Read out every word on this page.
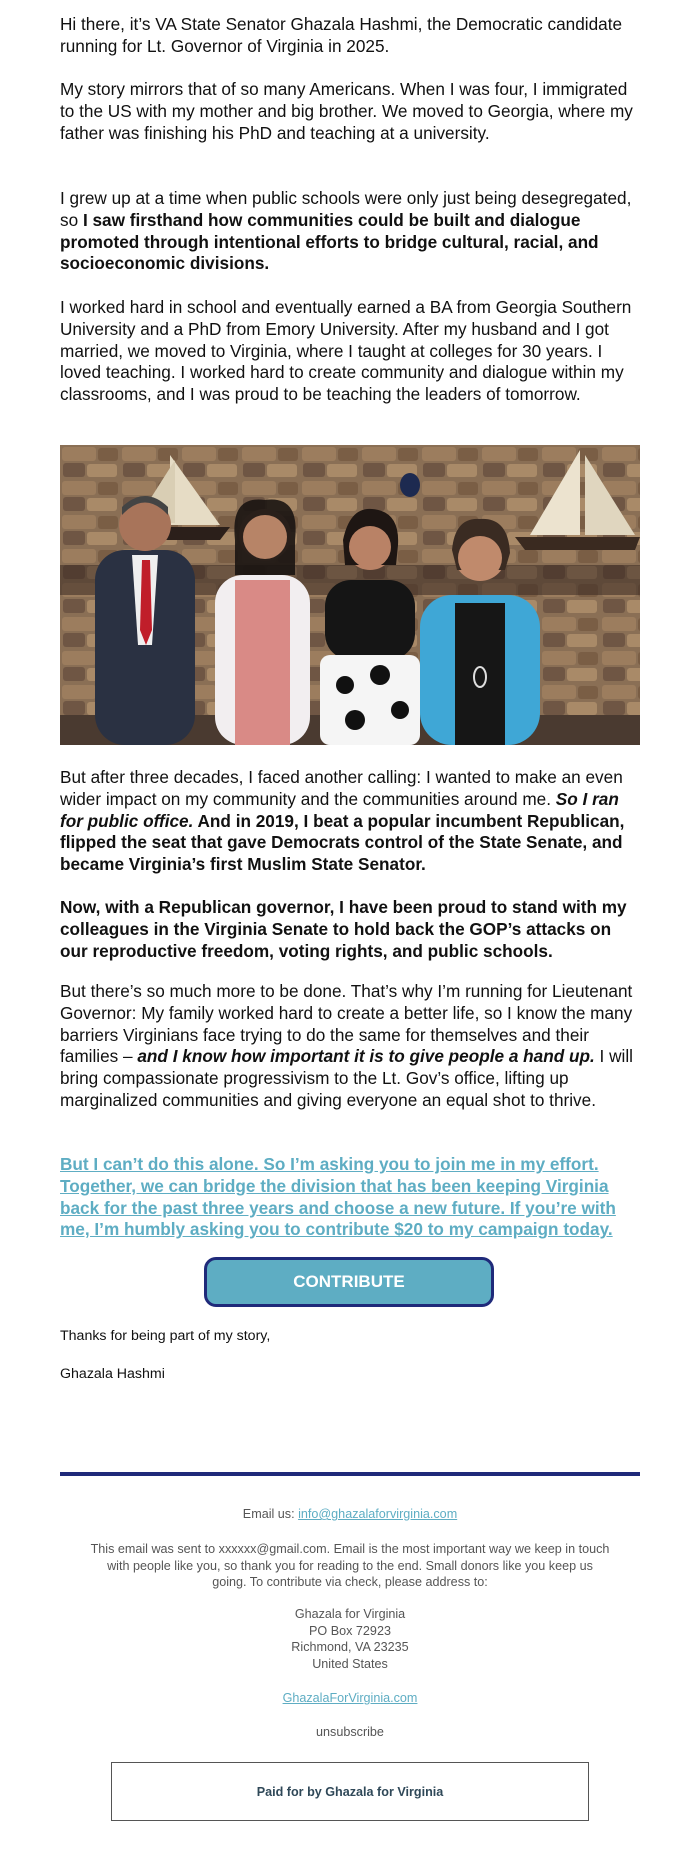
Hi there, it’s VA State Senator Ghazala Hashmi, the Democratic candidate running for Lt. Governor of Virginia in 2025.

My story mirrors that of so many Americans. When I was four, I immigrated to the US with my mother and big brother. We moved to Georgia, where my father was finishing his PhD and teaching at a university.

I grew up at a time when public schools were only just being desegregated, so I saw firsthand how communities could be built and dialogue promoted through intentional efforts to bridge cultural, racial, and socioeconomic divisions.

I worked hard in school and eventually earned a BA from Georgia Southern University and a PhD from Emory University. After my husband and I got married, we moved to Virginia, where I taught at colleges for 30 years. I loved teaching. I worked hard to create community and dialogue within my classrooms, and I was proud to be teaching the leaders of tomorrow.

But after three decades, I faced another calling: I wanted to make an even wider impact on my community and the communities around me. So I ran for public office. And in 2019, I beat a popular incumbent Republican, flipped the seat that gave Democrats control of the State Senate, and became Virginia’s first Muslim State Senator.

Now, with a Republican governor, I have been proud to stand with my colleagues in the Virginia Senate to hold back the GOP’s attacks on our reproductive freedom, voting rights, and public schools.

But there’s so much more to be done. That’s why I’m running for Lieutenant Governor: My family worked hard to create a better life, so I know the many barriers Virginians face trying to do the same for themselves and their families – and I know how important it is to give people a hand up. I will bring compassionate progressivism to the Lt. Gov’s office, lifting up marginalized communities and giving everyone an equal shot to thrive.

But I can’t do this alone. So I’m asking you to join me in my effort. Together, we can bridge the division that has been keeping Virginia back for the past three years and choose a new future. If you’re with me, I’m humbly asking you to contribute $20 to my campaign today.

CONTRIBUTE

Thanks for being part of my story,

Ghazala Hashmi

Email us: info@ghazalaforvirginia.com
This email was sent to xxxxxx@gmail.com. Email is the most important way we keep in touch with people like you, so thank you for reading to the end. Small donors like you keep us going. To contribute via check, please address to:
Ghazala for Virginia
PO Box 72923
Richmond, VA 23235
United States
GhazalaForVirginia.com
unsubscribe
Paid for by Ghazala for Virginia
